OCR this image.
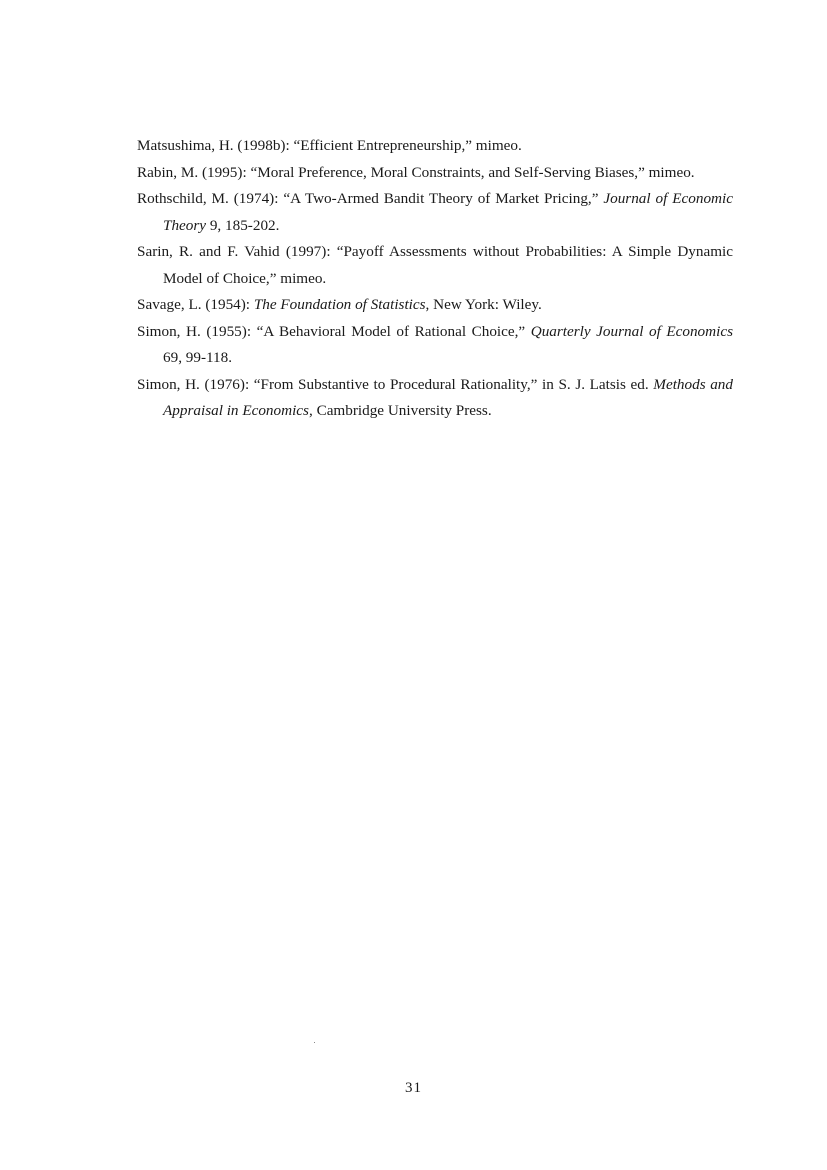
Matsushima, H. (1998b): “Efficient Entrepreneurship,” mimeo.

Rabin, M. (1995): “Moral Preference, Moral Constraints, and Self-Serving Biases,” mimeo.

Rothschild, M. (1974): “A Two-Armed Bandit Theory of Market Pricing,” Journal of Economic Theory 9, 185-202.

Sarin, R. and F. Vahid (1997): “Payoff Assessments without Probabilities: A Simple Dynamic Model of Choice,” mimeo.

Savage, L. (1954): The Foundation of Statistics, New York: Wiley.

Simon, H. (1955): “A Behavioral Model of Rational Choice,” Quarterly Journal of Economics 69, 99-118.

Simon, H. (1976): “From Substantive to Procedural Rationality,” in S. J. Latsis ed. Methods and Appraisal in Economics, Cambridge University Press.

31
